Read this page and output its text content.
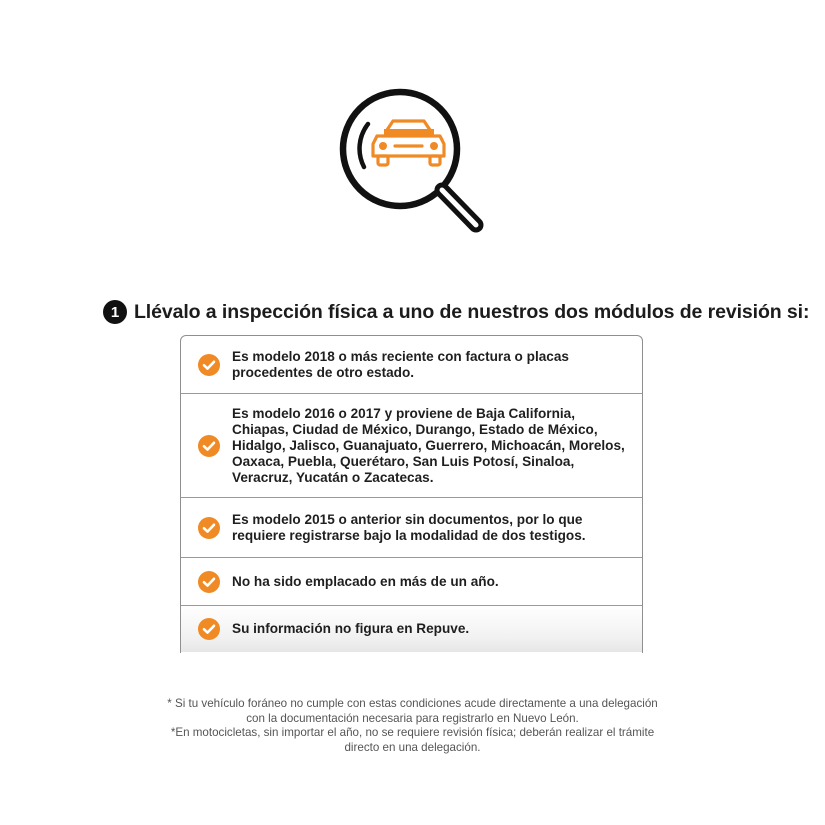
1 Llévalo a inspección física a uno de nuestros dos módulos de revisión si:
Es modelo 2018 o más reciente con factura o placas procedentes de otro estado.
Es modelo 2016 o 2017 y proviene de Baja California, Chiapas, Ciudad de México, Durango, Estado de México, Hidalgo, Jalisco, Guanajuato, Guerrero, Michoacán, Morelos, Oaxaca, Puebla, Querétaro, San Luis Potosí, Sinaloa, Veracruz, Yucatán o Zacatecas.
Es modelo 2015 o anterior sin documentos, por lo que requiere registrarse bajo la modalidad de dos testigos.
No ha sido emplacado en más de un año.
Su información no figura en Repuve.

* Si tu vehículo foráneo no cumple con estas condiciones acude directamente a una delegación con la documentación necesaria para registrarlo en Nuevo León.

*En motocicletas, sin importar el año, no se requiere revisión física; deberán realizar el trámite directo en una delegación.
